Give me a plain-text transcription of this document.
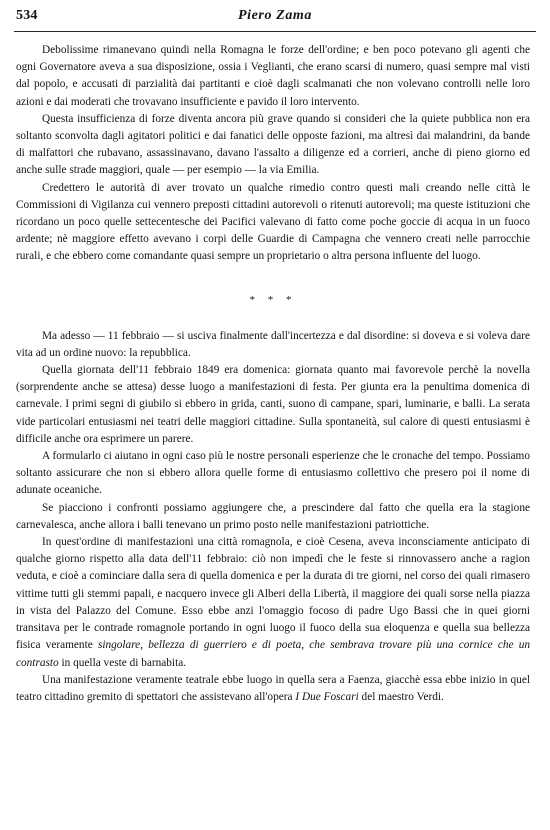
534	Piero Zama

Debolissime rimanevano quindi nella Romagna le forze dell'ordine; e ben poco potevano gli agenti che ogni Governatore aveva a sua disposizione, ossia i Veglianti, che erano scarsi di numero, quasi sempre mal visti dal popolo, e accusati di parzialità dai partitanti e cioè dagli scalmanati che non volevano controlli nelle loro azioni e dai moderati che trovavano insufficiente e pavido il loro intervento.

Questa insufficienza di forze diventa ancora più grave quando si consideri che la quiete pubblica non era soltanto sconvolta dagli agitatori politici e dai fanatici delle opposte fazioni, ma altresì dai malandrini, da bande di malfattori che rubavano, assassinavano, davano l'assalto a diligenze ed a corrieri, anche di pieno giorno ed anche sulle strade maggiori, quale — per esempio — la via Emilia.

Credettero le autorità di aver trovato un qualche rimedio contro questi mali creando nelle città le Commissioni di Vigilanza cui vennero preposti cittadini autorevoli o ritenuti autorevoli; ma queste istituzioni che ricordano un poco quelle settecentesche dei Pacifici valevano di fatto come poche goccie di acqua in un fuoco ardente; nè maggiore effetto avevano i corpi delle Guardie di Campagna che vennero creati nelle parrocchie rurali, e che ebbero come comandante quasi sempre un proprietario o altra persona influente del luogo.

* * *

Ma adesso — 11 febbraio — si usciva finalmente dall'incertezza e dal disordine: si doveva e si voleva dare vita ad un ordine nuovo: la repubblica.

Quella giornata dell'11 febbraio 1849 era domenica: giornata quanto mai favorevole perchè la novella (sorprendente anche se attesa) desse luogo a manifestazioni di festa. Per giunta era la penultima domenica di carnevale. I primi segni di giubilo si ebbero in grida, canti, suono di campane, spari, luminarie, e balli. La serata vide particolari entusiasmi nei teatri delle maggiori cittadine. Sulla spontaneità, sul calore di questi entusiasmi è difficile anche ora esprimere un parere.

A formularlo ci aiutano in ogni caso più le nostre personali esperienze che le cronache del tempo. Possiamo soltanto assicurare che non si ebbero allora quelle forme di entusiasmo collettivo che presero poi il nome di adunate oceaniche.

Se piacciono i confronti possiamo aggiungere che, a prescindere dal fatto che quella era la stagione carnevalesca, anche allora i balli tenevano un primo posto nelle manifestazioni patriottiche.

In quest'ordine di manifestazioni una città romagnola, e cioè Cesena, aveva inconsciamente anticipato di qualche giorno rispetto alla data dell'11 febbraio: ciò non impedì che le feste si rinnovassero anche a ragion veduta, e cioè a cominciare dalla sera di quella domenica e per la durata di tre giorni, nel corso dei quali rimasero vittime tutti gli stemmi papali, e nacquero invece gli Alberi della Libertà, il maggiore dei quali sorse nella piazza in vista del Palazzo del Comune. Esso ebbe anzi l'omaggio focoso di padre Ugo Bassi che in quei giorni transitava per le contrade romagnole portando in ogni luogo il fuoco della sua eloquenza e quella sua bellezza fisica veramente singolare, bellezza di guerriero e di poeta, che sembrava trovare più una cornice che un contrasto in quella veste di barnabita.

Una manifestazione veramente teatrale ebbe luogo in quella sera a Faenza, giacchè essa ebbe inizio in quel teatro cittadino gremito di spettatori che assistevano all'opera I Due Foscari del maestro Verdi.
